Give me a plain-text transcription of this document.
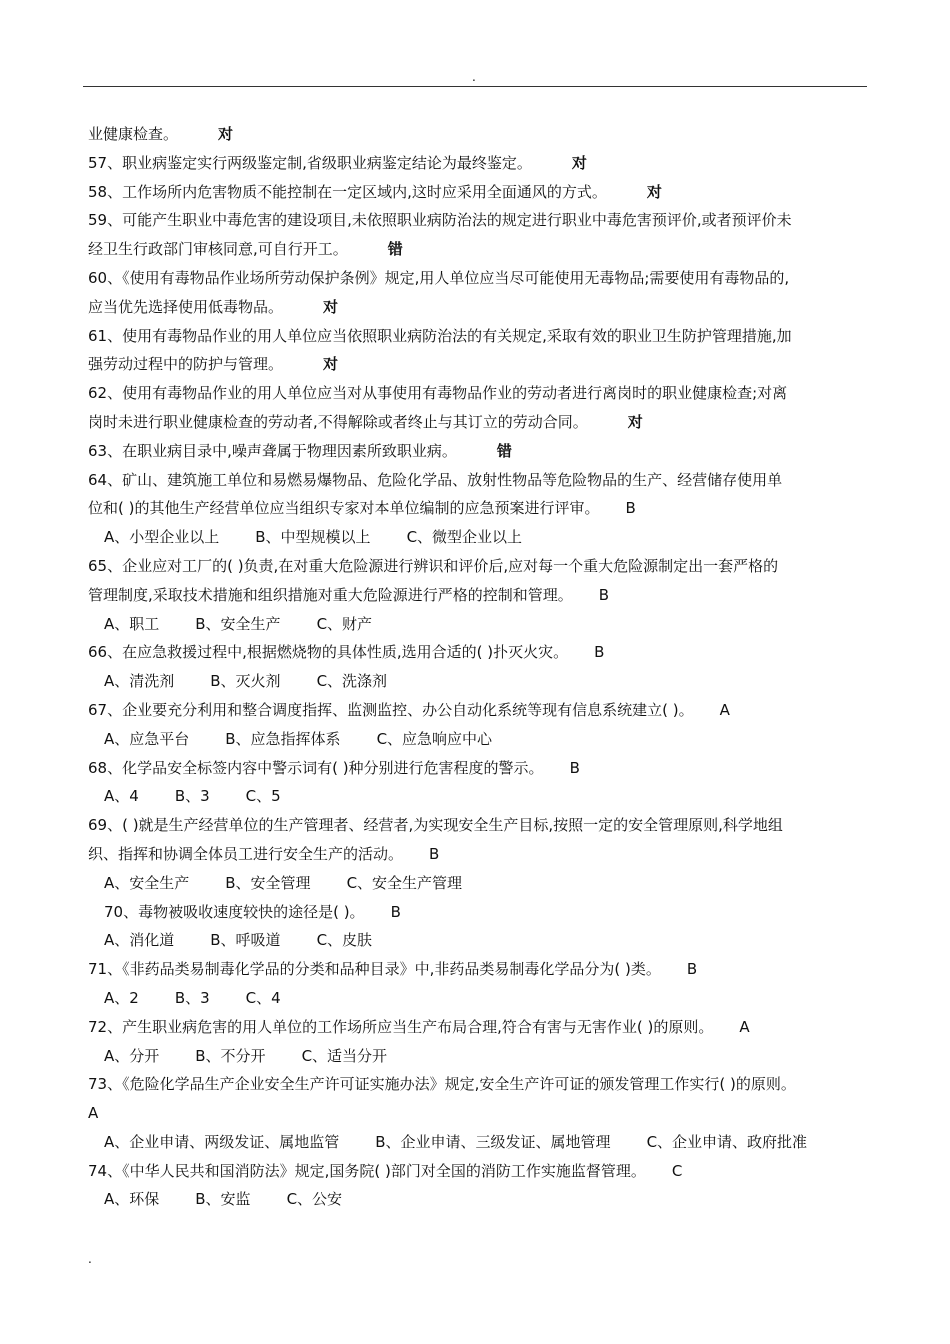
.
业健康检查。	对
57、职业病鉴定实行两级鉴定制,省级职业病鉴定结论为最终鉴定。	对
58、工作场所内危害物质不能控制在一定区域内,这时应采用全面通风的方式。	对
59、可能产生职业中毒危害的建设项目,未依照职业病防治法的规定进行职业中毒危害预评价,或者预评价未
经卫生行政部门审核同意,可自行开工。	错
60、《使用有毒物品作业场所劳动保护条例》规定,用人单位应当尽可能使用无毒物品;需要使用有毒物品的,
应当优先选择使用低毒物品。	对
61、使用有毒物品作业的用人单位应当依照职业病防治法的有关规定,采取有效的职业卫生防护管理措施,加
强劳动过程中的防护与管理。	对
62、使用有毒物品作业的用人单位应当对从事使用有毒物品作业的劳动者进行离岗时的职业健康检查;对离
岗时未进行职业健康检查的劳动者,不得解除或者终止与其订立的劳动合同。	对
63、在职业病目录中,噪声聋属于物理因素所致职业病。	错
64、矿山、建筑施工单位和易燃易爆物品、危险化学品、放射性物品等危险物品的生产、经营储存使用单
位和( )的其他生产经营单位应当组织专家对本单位编制的应急预案进行评审。 B
A、小型企业以上 B、中型规模以上 C、微型企业以上
65、企业应对工厂的( )负责,在对重大危险源进行辨识和评价后,应对每一个重大危险源制定出一套严格的
管理制度,采取技术措施和组织措施对重大危险源进行严格的控制和管理。 B
A、职工 B、安全生产 C、财产
66、在应急救援过程中,根据燃烧物的具体性质,选用合适的( )扑灭火灾。 B
A、清洗剂 B、灭火剂 C、洗涤剂
67、企业要充分利用和整合调度指挥、监测监控、办公自动化系统等现有信息系统建立( )。 A
A、应急平台 B、应急指挥体系 C、应急响应中心
68、化学品安全标签内容中警示词有( )种分别进行危害程度的警示。 B
A、4 B、3 C、5
69、( )就是生产经营单位的生产管理者、经营者,为实现安全生产目标,按照一定的安全管理原则,科学地组
织、指挥和协调全体员工进行安全生产的活动。 B
A、安全生产 B、安全管理 C、安全生产管理
70、毒物被吸收速度较快的途径是( )。 B
A、消化道 B、呼吸道 C、皮肤
71、《非药品类易制毒化学品的分类和品种目录》中,非药品类易制毒化学品分为( )类。 B
A、2 B、3 C、4
72、产生职业病危害的用人单位的工作场所应当生产布局合理,符合有害与无害作业( )的原则。 A
A、分开 B、不分开 C、适当分开
73、《危险化学品生产企业安全生产许可证实施办法》规定,安全生产许可证的颁发管理工作实行( )的原则。
A
A、企业申请、两级发证、属地监管 B、企业申请、三级发证、属地管理 C、企业申请、政府批准
74、《中华人民共和国消防法》规定,国务院( )部门对全国的消防工作实施监督管理。 C
A、环保 B、安监 C、公安
.
